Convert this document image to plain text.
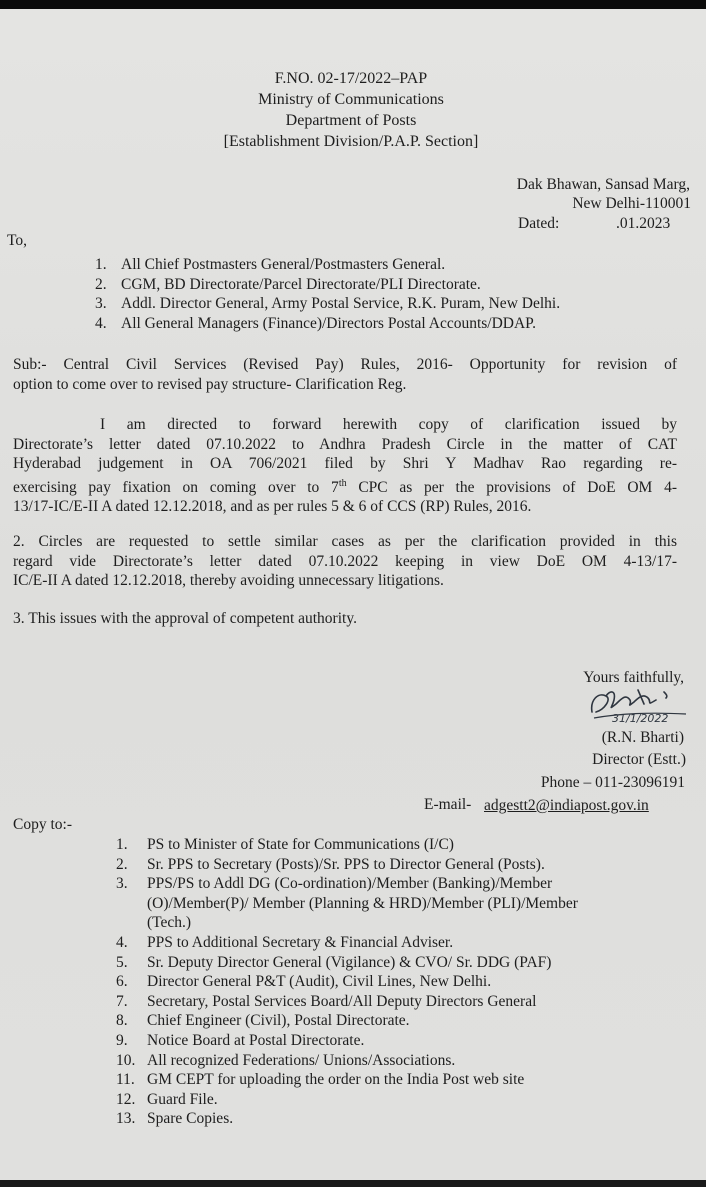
F.NO. 02-17/2022–PAP
Ministry of Communications
Department of Posts
[Establishment Division/P.A.P. Section]
Dak Bhawan, Sansad Marg,
New Delhi-110001
Dated:	.01.2023
To,
1. All Chief Postmasters General/Postmasters General.
2. CGM, BD Directorate/Parcel Directorate/PLI Directorate.
3. Addl. Director General, Army Postal Service, R.K. Puram, New Delhi.
4. All General Managers (Finance)/Directors Postal Accounts/DDAP.

Sub:- Central Civil Services (Revised Pay) Rules, 2016- Opportunity for revision of

option to come over to revised pay structure- Clarification Reg.

I am directed to forward herewith copy of clarification issued by

Directorate’s letter dated 07.10.2022 to Andhra Pradesh Circle in the matter of CAT

Hyderabad judgement in OA 706/2021 filed by Shri Y Madhav Rao regarding re-

exercising pay fixation on coming over to 7th CPC as per the provisions of DoE OM 4-

13/17-IC/E-II A dated 12.12.2018, and as per rules 5 & 6 of CCS (RP) Rules, 2016.

2. Circles are requested to settle similar cases as per the clarification provided in this

regard vide Directorate’s letter dated 07.10.2022 keeping in view DoE OM 4-13/17-

IC/E-II A dated 12.12.2018, thereby avoiding unnecessary litigations.

3. This issues with the approval of competent authority.
Yours faithfully,
31/1/2022
(R.N. Bharti)
Director (Estt.)
Phone – 011-23096191
E-mail- adgestt2@indiapost.gov.in
Copy to:-
1. PS to Minister of State for Communications (I/C)
2. Sr. PPS to Secretary (Posts)/Sr. PPS to Director General (Posts).
3. PPS/PS to Addl DG (Co-ordination)/Member (Banking)/Member
(O)/Member(P)/ Member (Planning & HRD)/Member (PLI)/Member
(Tech.)
4. PPS to Additional Secretary & Financial Adviser.
5. Sr. Deputy Director General (Vigilance) & CVO/ Sr. DDG (PAF)
6. Director General P&T (Audit), Civil Lines, New Delhi.
7. Secretary, Postal Services Board/All Deputy Directors General
8. Chief Engineer (Civil), Postal Directorate.
9. Notice Board at Postal Directorate.
10. All recognized Federations/ Unions/Associations.
11. GM CEPT for uploading the order on the India Post web site
12. Guard File.
13. Spare Copies.
